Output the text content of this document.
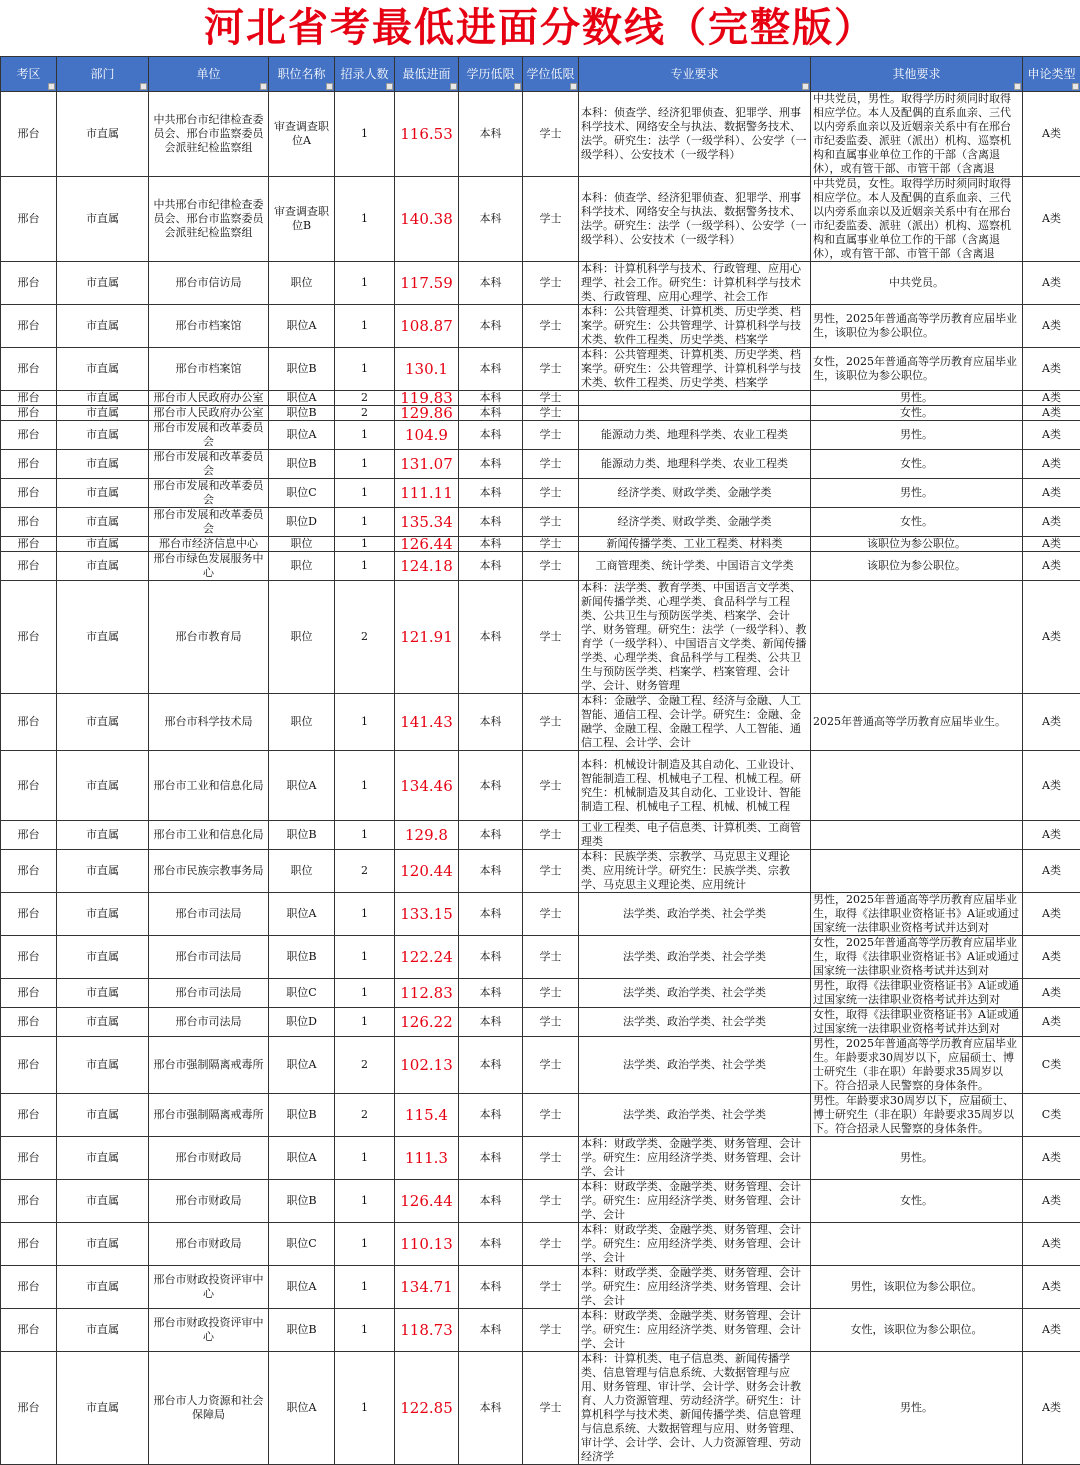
河北省考最低进面分数线（完整版）
考区	部门	单位	职位名称	招录人数	最低进面	学历低限	学位低限	专业要求	其他要求	申论类型

邢台	市直属	中共邢台市纪律检查委员会、邢台市监察委员会派驻纪检监察组	审查调查职位A	1	116.53	本科	学士	本科：侦查学、经济犯罪侦查、犯罪学、刑事科学技术、网络安全与执法、数据警务技术、法学。研究生：法学（一级学科）、公安学（一级学科）、公安技术（一级学科）	中共党员，男性。取得学历时须同时取得相应学位。本人及配偶的直系血亲、三代以内旁系血亲以及近姻亲关系中有在邢台市纪委监委、派驻（派出）机构、巡察机构和直属事业单位工作的干部（含离退休），或有管干部、市管干部（含离退	A类
邢台	市直属	中共邢台市纪律检查委员会、邢台市监察委员会派驻纪检监察组	审查调查职位B	1	140.38	本科	学士	本科：侦查学、经济犯罪侦查、犯罪学、刑事科学技术、网络安全与执法、数据警务技术、法学。研究生：法学（一级学科）、公安学（一级学科）、公安技术（一级学科）	中共党员，女性。取得学历时须同时取得相应学位。本人及配偶的直系血亲、三代以内旁系血亲以及近姻亲关系中有在邢台市纪委监委、派驻（派出）机构、巡察机构和直属事业单位工作的干部（含离退休），或有管干部、市管干部（含离退	A类
邢台	市直属	邢台市信访局	职位	1	117.59	本科	学士	本科：计算机科学与技术、行政管理、应用心理学、社会工作。研究生：计算机科学与技术类、行政管理、应用心理学、社会工作	中共党员。	A类
邢台	市直属	邢台市档案馆	职位A	1	108.87	本科	学士	本科：公共管理类、计算机类、历史学类、档案学。研究生：公共管理学、计算机科学与技术类、软件工程类、历史学类、档案学	男性，2025年普通高等学历教育应届毕业生，该职位为参公职位。	A类
邢台	市直属	邢台市档案馆	职位B	1	130.1	本科	学士	本科：公共管理类、计算机类、历史学类、档案学。研究生：公共管理学、计算机科学与技术类、软件工程类、历史学类、档案学	女性，2025年普通高等学历教育应届毕业生，该职位为参公职位。	A类
邢台	市直属	邢台市人民政府办公室	职位A	2	119.83	本科	学士		男性。	A类
邢台	市直属	邢台市人民政府办公室	职位B	2	129.86	本科	学士		女性。	A类
邢台	市直属	邢台市发展和改革委员会	职位A	1	104.9	本科	学士	能源动力类、地理科学类、农业工程类	男性。	A类
邢台	市直属	邢台市发展和改革委员会	职位B	1	131.07	本科	学士	能源动力类、地理科学类、农业工程类	女性。	A类
邢台	市直属	邢台市发展和改革委员会	职位C	1	111.11	本科	学士	经济学类、财政学类、金融学类	男性。	A类
邢台	市直属	邢台市发展和改革委员会	职位D	1	135.34	本科	学士	经济学类、财政学类、金融学类	女性。	A类
邢台	市直属	邢台市经济信息中心	职位	1	126.44	本科	学士	新闻传播学类、工业工程类、材料类	该职位为参公职位。	A类
邢台	市直属	邢台市绿色发展服务中心	职位	1	124.18	本科	学士	工商管理类、统计学类、中国语言文学类	该职位为参公职位。	A类
邢台	市直属	邢台市教育局	职位	2	121.91	本科	学士	本科：法学类、教育学类、中国语言文学类、新闻传播学类、心理学类、食品科学与工程类、公共卫生与预防医学类、档案学、会计学、财务管理。研究生：法学（一级学科）、教育学（一级学科）、中国语言文学类、新闻传播学类、心理学类、食品科学与工程类、公共卫生与预防医学类、档案学、档案管理、会计学、会计、财务管理		A类
邢台	市直属	邢台市科学技术局	职位	1	141.43	本科	学士	本科：金融学、金融工程、经济与金融、人工智能、通信工程、会计学。研究生：金融、金融学、金融工程、金融工程学、人工智能、通信工程、会计学、会计	2025年普通高等学历教育应届毕业生。	A类
邢台	市直属	邢台市工业和信息化局	职位A	1	134.46	本科	学士	本科：机械设计制造及其自动化、工业设计、智能制造工程、机械电子工程、机械工程。研究生：机械制造及其自动化、工业设计、智能制造工程、机械电子工程、机械、机械工程		A类
邢台	市直属	邢台市工业和信息化局	职位B	1	129.8	本科	学士	工业工程类、电子信息类、计算机类、工商管理类		A类
邢台	市直属	邢台市民族宗教事务局	职位	2	120.44	本科	学士	本科：民族学类、宗教学、马克思主义理论类、应用统计学。研究生：民族学类、宗教学、马克思主义理论类、应用统计		A类
邢台	市直属	邢台市司法局	职位A	1	133.15	本科	学士	法学类、政治学类、社会学类	男性，2025年普通高等学历教育应届毕业生，取得《法律职业资格证书》A证或通过国家统一法律职业资格考试并达到对	A类
邢台	市直属	邢台市司法局	职位B	1	122.24	本科	学士	法学类、政治学类、社会学类	女性，2025年普通高等学历教育应届毕业生，取得《法律职业资格证书》A证或通过国家统一法律职业资格考试并达到对	A类
邢台	市直属	邢台市司法局	职位C	1	112.83	本科	学士	法学类、政治学类、社会学类	男性，取得《法律职业资格证书》A证或通过国家统一法律职业资格考试并达到对	A类
邢台	市直属	邢台市司法局	职位D	1	126.22	本科	学士	法学类、政治学类、社会学类	女性，取得《法律职业资格证书》A证或通过国家统一法律职业资格考试并达到对	A类
邢台	市直属	邢台市强制隔离戒毒所	职位A	2	102.13	本科	学士	法学类、政治学类、社会学类	男性，2025年普通高等学历教育应届毕业生。年龄要求30周岁以下，应届硕士、博士研究生（非在职）年龄要求35周岁以下。符合招录人民警察的身体条件。	C类
邢台	市直属	邢台市强制隔离戒毒所	职位B	2	115.4	本科	学士	法学类、政治学类、社会学类	男性。年龄要求30周岁以下，应届硕士、博士研究生（非在职）年龄要求35周岁以下。符合招录人民警察的身体条件。	C类
邢台	市直属	邢台市财政局	职位A	1	111.3	本科	学士	本科：财政学类、金融学类、财务管理、会计学。研究生：应用经济学类、财务管理、会计学、会计	男性。	A类
邢台	市直属	邢台市财政局	职位B	1	126.44	本科	学士	本科：财政学类、金融学类、财务管理、会计学。研究生：应用经济学类、财务管理、会计学、会计	女性。	A类
邢台	市直属	邢台市财政局	职位C	1	110.13	本科	学士	本科：财政学类、金融学类、财务管理、会计学。研究生：应用经济学类、财务管理、会计学、会计		A类
邢台	市直属	邢台市财政投资评审中心	职位A	1	134.71	本科	学士	本科：财政学类、金融学类、财务管理、会计学。研究生：应用经济学类、财务管理、会计学、会计	男性，该职位为参公职位。	A类
邢台	市直属	邢台市财政投资评审中心	职位B	1	118.73	本科	学士	本科：财政学类、金融学类、财务管理、会计学。研究生：应用经济学类、财务管理、会计学、会计	女性，该职位为参公职位。	A类
邢台	市直属	邢台市人力资源和社会保障局	职位A	1	122.85	本科	学士	本科：计算机类、电子信息类、新闻传播学类、信息管理与信息系统、大数据管理与应用、财务管理、审计学、会计学、财务会计教育、人力资源管理、劳动经济学。研究生：计算机科学与技术类、新闻传播学类、信息管理与信息系统、大数据管理与应用、财务管理、审计学、会计学、会计、人力资源管理、劳动经济学	男性。	A类
